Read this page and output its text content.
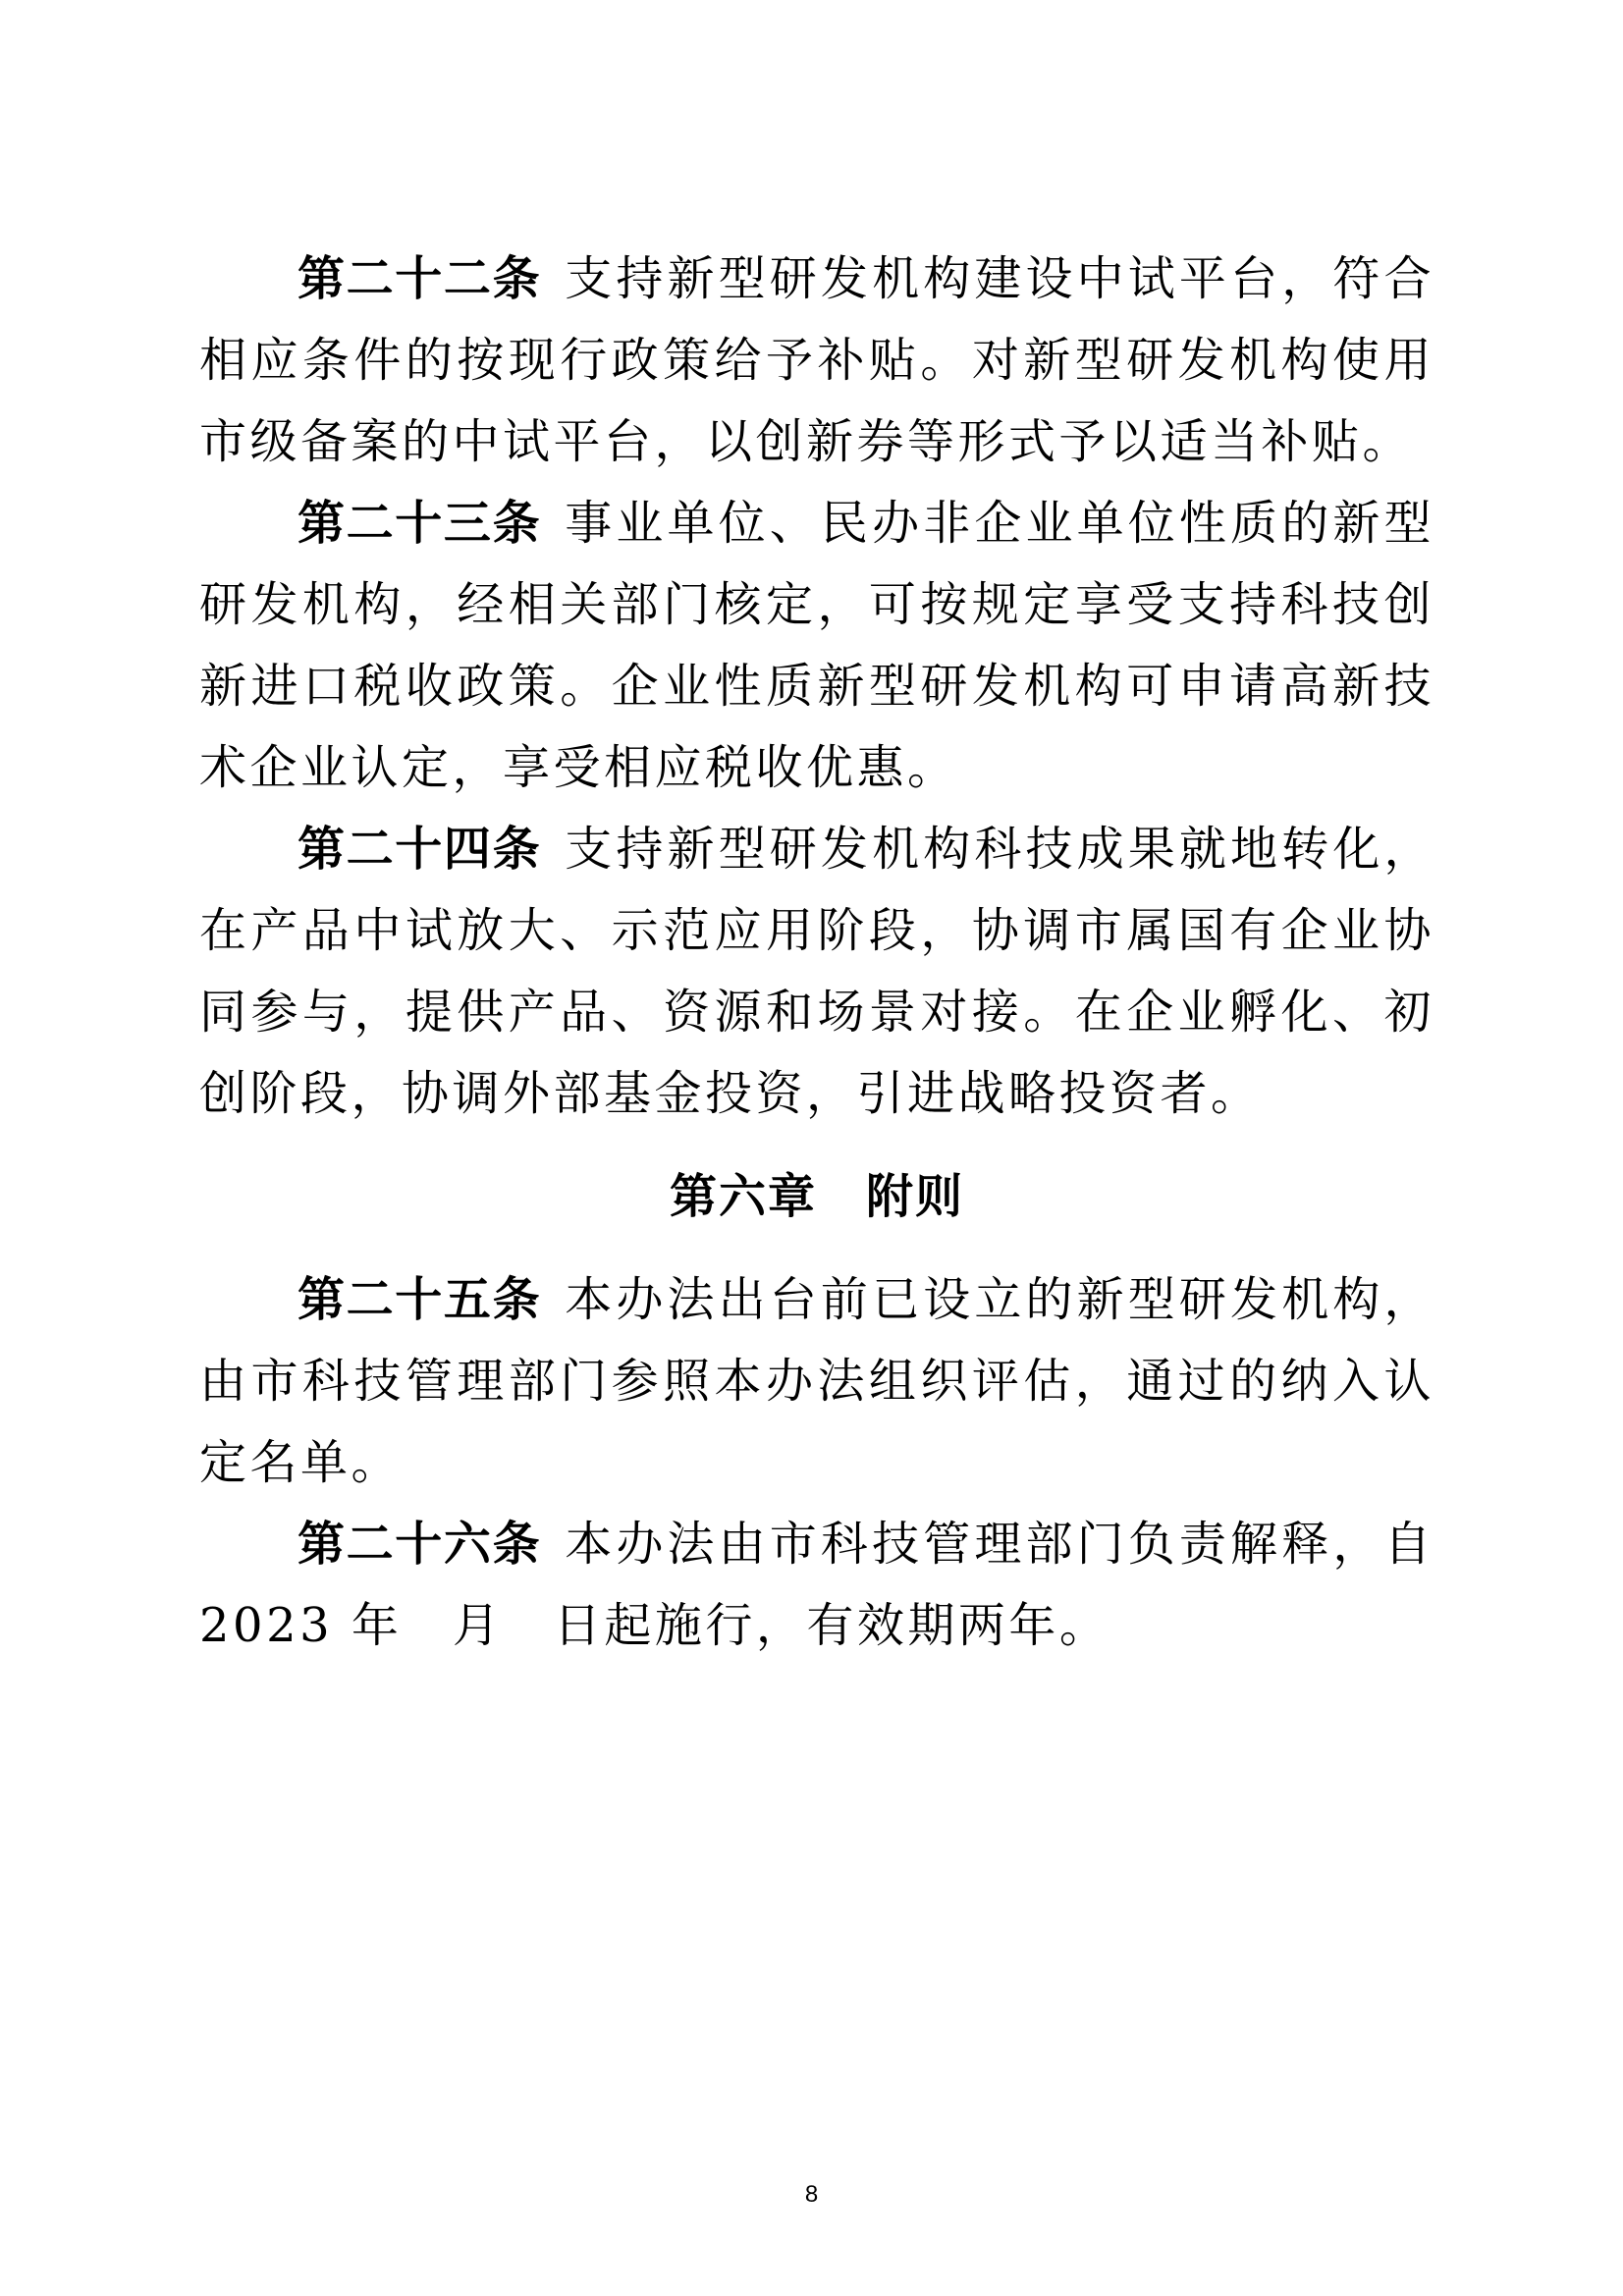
第二十二条 支持新型研发机构建设中试平台，符合相应条件的按现行政策给予补贴。对新型研发机构使用市级备案的中试平台，以创新券等形式予以适当补贴。

第二十三条 事业单位、民办非企业单位性质的新型研发机构，经相关部门核定，可按规定享受支持科技创新进口税收政策。企业性质新型研发机构可申请高新技术企业认定，享受相应税收优惠。

第二十四条 支持新型研发机构科技成果就地转化，在产品中试放大、示范应用阶段，协调市属国有企业协同参与，提供产品、资源和场景对接。在企业孵化、初创阶段，协调外部基金投资，引进战略投资者。

第六章 附则

第二十五条 本办法出台前已设立的新型研发机构，由市科技管理部门参照本办法组织评估，通过的纳入认定名单。

第二十六条 本办法由市科技管理部门负责解释，自2023 年　月　日起施行，有效期两年。

8
